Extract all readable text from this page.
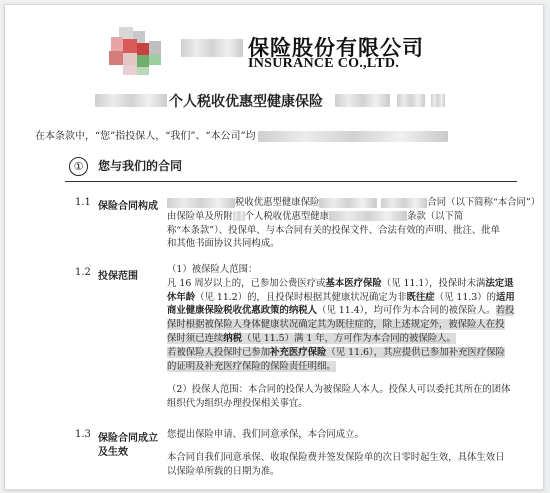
保险股份有限公司
INSURANCE CO.,LTD.
个人税收优惠型健康保险
在本条款中，“您”指投保人，“我们”、“本公司”均
① 您与我们的合同
1.1 保险合同构成	税收优惠型健康保险	合同（以下简称“本合同”）
由保险单及所附 个人税收优惠型健康	条款（以下简
称“本条款”）、投保单、与本合同有关的投保文件、合法有效的声明、批注、批单
和其他书面协议共同构成。
1.2 投保范围
（1）被保险人范围：
凡 16 周岁以上的，已参加公费医疗或基本医疗保险（见 11.1），投保时未满法定退
休年龄（见 11.2）的，且投保时根据其健康状况确定为非既往症（见 11.3）的适用
商业健康保险税收优惠政策的纳税人（见 11.4），均可作为本合同的被保险人。若投
保时根据被保险人身体健康状况确定其为既往症的，除上述规定外，被保险人在投
保时须已连续纳税（见 11.5）满 1 年，方可作为本合同的被保险人。
若被保险人投保时已参加补充医疗保险（见 11.6），其应提供已参加补充医疗保险
的证明及补充医疗保险的保险责任明细。
（2）投保人范围：本合同的投保人为被保险人本人。投保人可以委托其所在的团体
组织代为组织办理投保相关事宜。
1.3 保险合同成立
及生效
您提出保险申请、我们同意承保，本合同成立。
本合同自我们同意承保、收取保险费并签发保险单的次日零时起生效，具体生效日
以保险单所载的日期为准。
